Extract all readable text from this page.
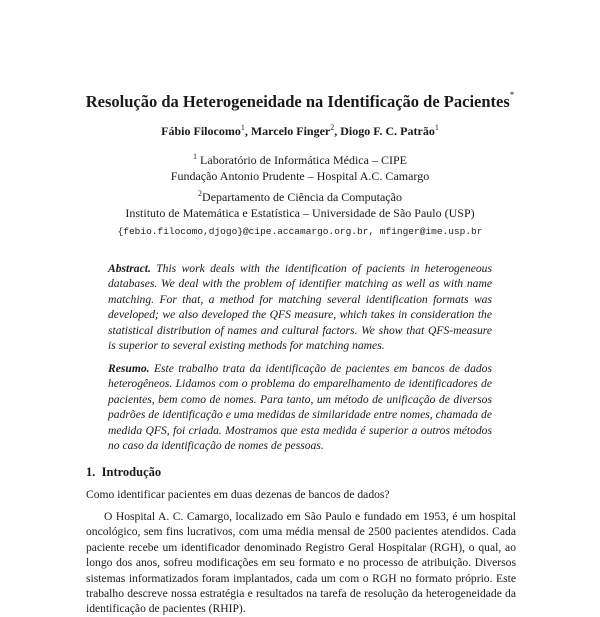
Resolução da Heterogeneidade na Identificação de Pacientes*
Fábio Filocomo$^1$, Marcelo Finger$^2$, Diogo F. C. Patrão$^1$
$^1$ Laboratório de Informática Médica – CIPE
Fundação Antonio Prudente – Hospital A.C. Camargo
$^2$Departamento de Ciência da Computação
Instituto de Matemática e Estatística – Universidade de São Paulo (USP)
{febio.filocomo,djogo}@cipe.accamargo.org.br, mfinger@ime.usp.br
Abstract. This work deals with the identification of pacients in heterogeneous databases. We deal with the problem of identifier matching as well as with name matching. For that, a method for matching several identification formats was developed; we also developed the QFS measure, which takes in consideration the statistical distribution of names and cultural factors. We show that QFS-measure is superior to several existing methods for matching names.
Resumo. Este trabalho trata da identificação de pacientes em bancos de dados heterogêneos. Lidamos com o problema do emparelhamento de identificadores de pacientes, bem como de nomes. Para tanto, um método de unificação de diversos padrões de identificação e uma medidas de similaridade entre nomes, chamada de medida QFS, foi criada. Mostramos que esta medida é superior a outros métodos no caso da identificação de nomes de pessoas.
1. Introdução
Como identificar pacientes em duas dezenas de bancos de dados?
O Hospital A. C. Camargo, localizado em São Paulo e fundado em 1953, é um hospital oncológico, sem fins lucrativos, com uma média mensal de 2500 pacientes atendidos. Cada paciente recebe um identificador denominado Registro Geral Hospitalar (RGH), o qual, ao longo dos anos, sofreu modificações em seu formato e no processo de atribuição. Diversos sistemas informatizados foram implantados, cada um com o RGH no formato próprio. Este trabalho descreve nossa estratégia e resultados na tarefa de resolução da heterogeneidade da identificação de pacientes (RHIP).
